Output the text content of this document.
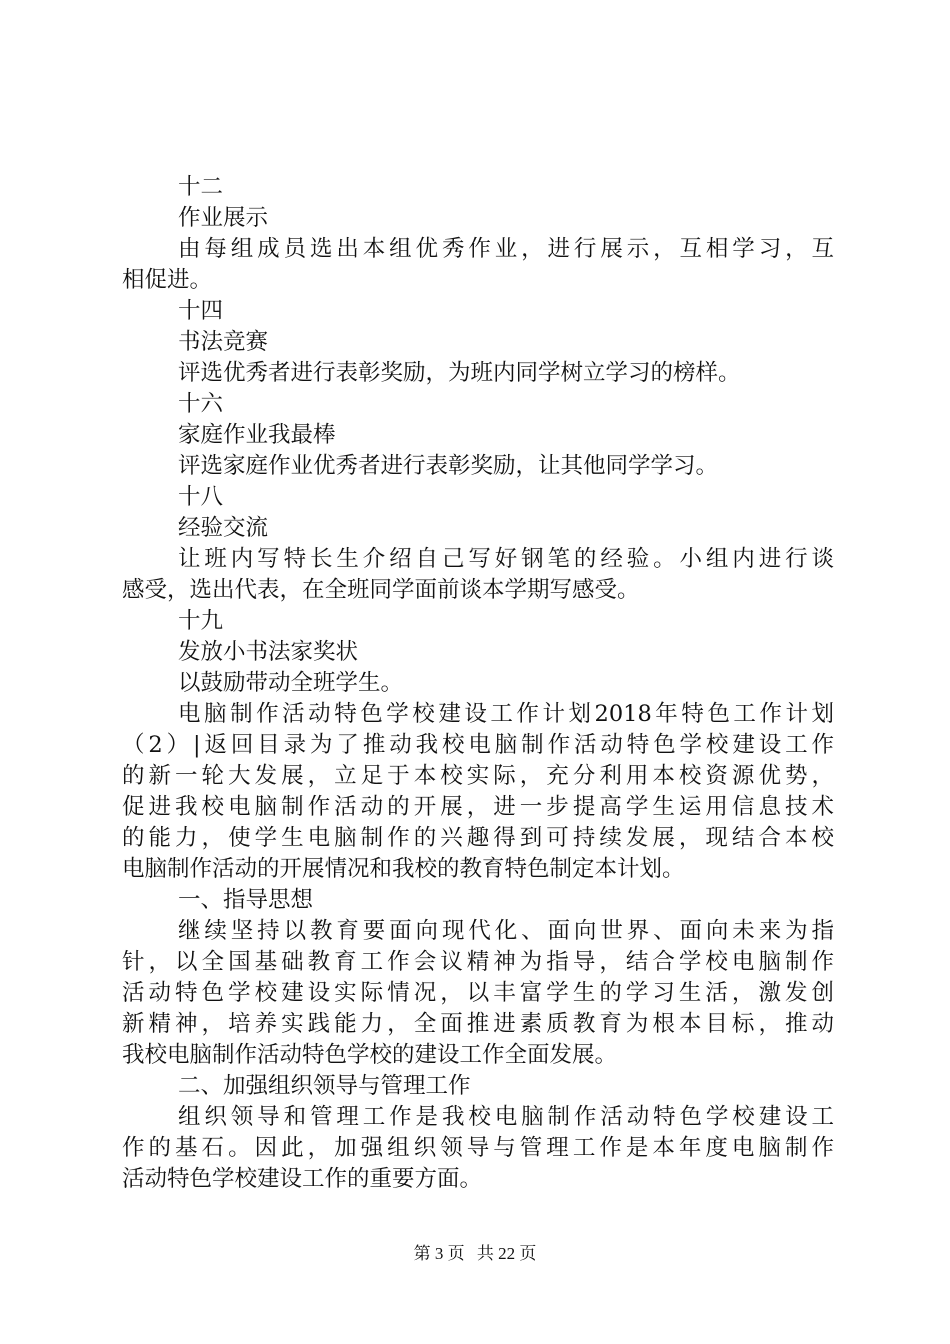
十二
作业展示
由每组成员选出本组优秀作业，进行展示，互相学习，互
相促进。
十四
书法竞赛
评选优秀者进行表彰奖励，为班内同学树立学习的榜样。
十六
家庭作业我最棒
评选家庭作业优秀者进行表彰奖励，让其他同学学习。
十八
经验交流
让班内写特长生介绍自己写好钢笔的经验。小组内进行谈
感受，选出代表，在全班同学面前谈本学期写感受。
十九
发放小书法家奖状
以鼓励带动全班学生。
电脑制作活动特色学校建设工作计划2018年特色工作计划
（2）|返回目录为了推动我校电脑制作活动特色学校建设工作
的新一轮大发展，立足于本校实际，充分利用本校资源优势，
促进我校电脑制作活动的开展，进一步提高学生运用信息技术
的能力，使学生电脑制作的兴趣得到可持续发展，现结合本校
电脑制作活动的开展情况和我校的教育特色制定本计划。
一、指导思想
继续坚持以教育要面向现代化、面向世界、面向未来为指
针，以全国基础教育工作会议精神为指导，结合学校电脑制作
活动特色学校建设实际情况，以丰富学生的学习生活，激发创
新精神，培养实践能力，全面推进素质教育为根本目标，推动
我校电脑制作活动特色学校的建设工作全面发展。
二、加强组织领导与管理工作
组织领导和管理工作是我校电脑制作活动特色学校建设工
作的基石。因此，加强组织领导与管理工作是本年度电脑制作
活动特色学校建设工作的重要方面。
第 3 页 共 22 页
